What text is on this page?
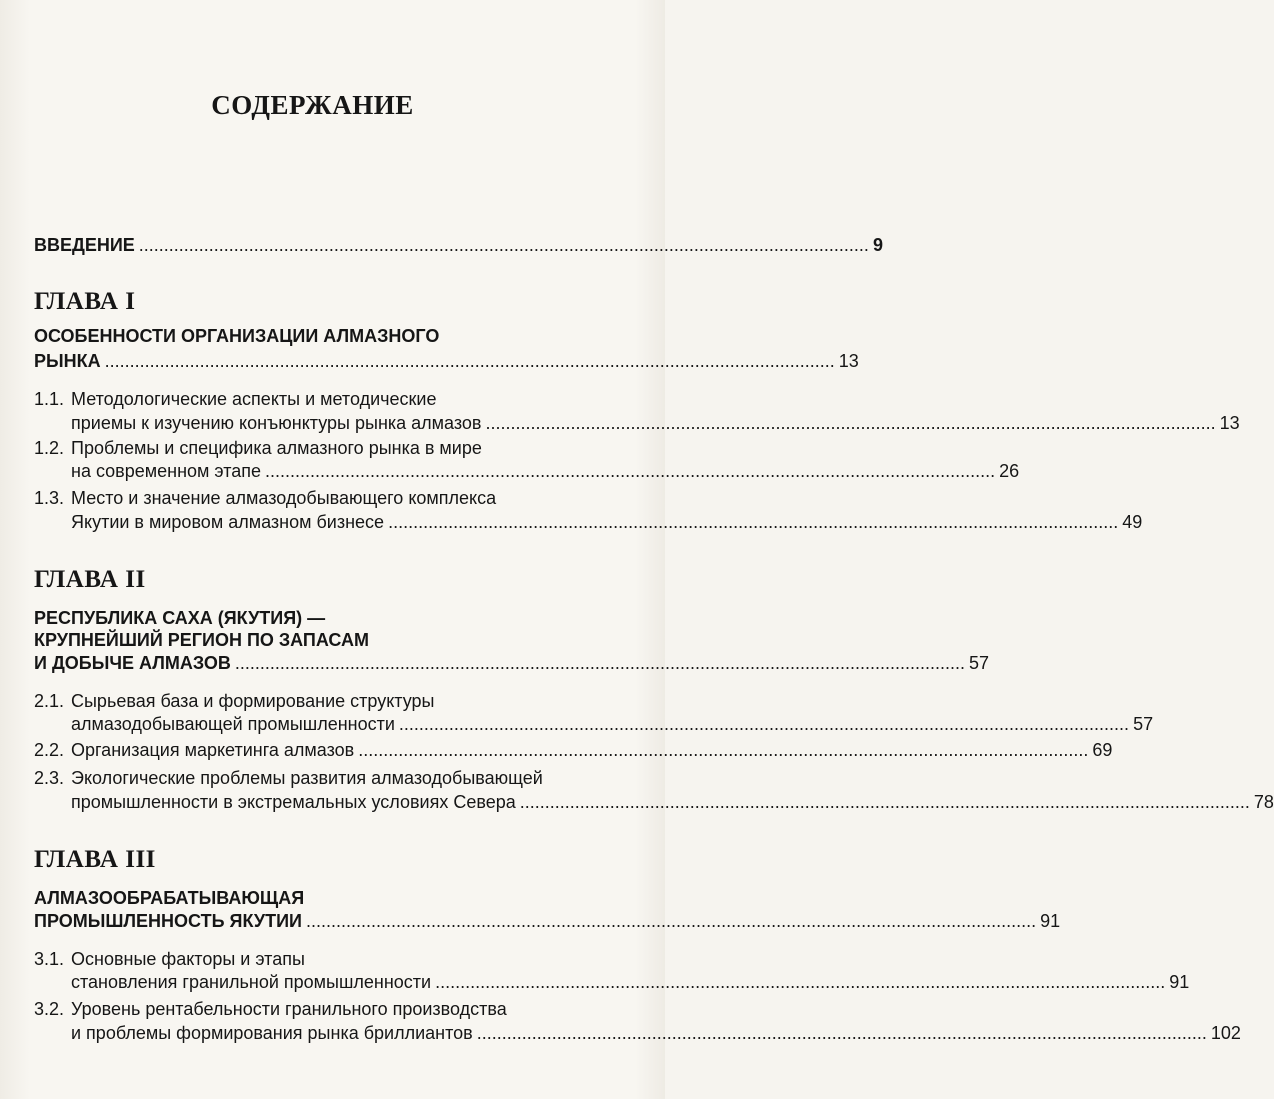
СОДЕРЖАНИЕ
ВВЕДЕНИЕ .................................................................................................................................................. 9
ГЛАВА I
ОСОБЕННОСТИ ОРГАНИЗАЦИИ АЛМАЗНОГО
РЫНКА .................................................................................................................................................. 13
1.1. Методологические аспекты и методические
приемы к изучению конъюнктуры рынка алмазов .................................................................................................................................................. 13
1.2. Проблемы и специфика алмазного рынка в мире
на современном этапе .................................................................................................................................................. 26
1.3. Место и значение алмазодобывающего комплекса
Якутии в мировом алмазном бизнесе .................................................................................................................................................. 49
ГЛАВА II
РЕСПУБЛИКА САХА (ЯКУТИЯ) —
КРУПНЕЙШИЙ РЕГИОН ПО ЗАПАСАМ
И ДОБЫЧЕ АЛМАЗОВ .................................................................................................................................................. 57
2.1. Сырьевая база и формирование структуры
алмазодобывающей промышленности .................................................................................................................................................. 57
2.2. Организация маркетинга алмазов .................................................................................................................................................. 69
2.3. Экологические проблемы развития алмазодобывающей
промышленности в экстремальных условиях Севера .................................................................................................................................................. 78
ГЛАВА III
АЛМАЗООБРАБАТЫВАЮЩАЯ
ПРОМЫШЛЕННОСТЬ ЯКУТИИ .................................................................................................................................................. 91
3.1. Основные факторы и этапы
становления гранильной промышленности .................................................................................................................................................. 91
3.2. Уровень рентабельности гранильного производства
и проблемы формирования рынка бриллиантов .................................................................................................................................................. 102
